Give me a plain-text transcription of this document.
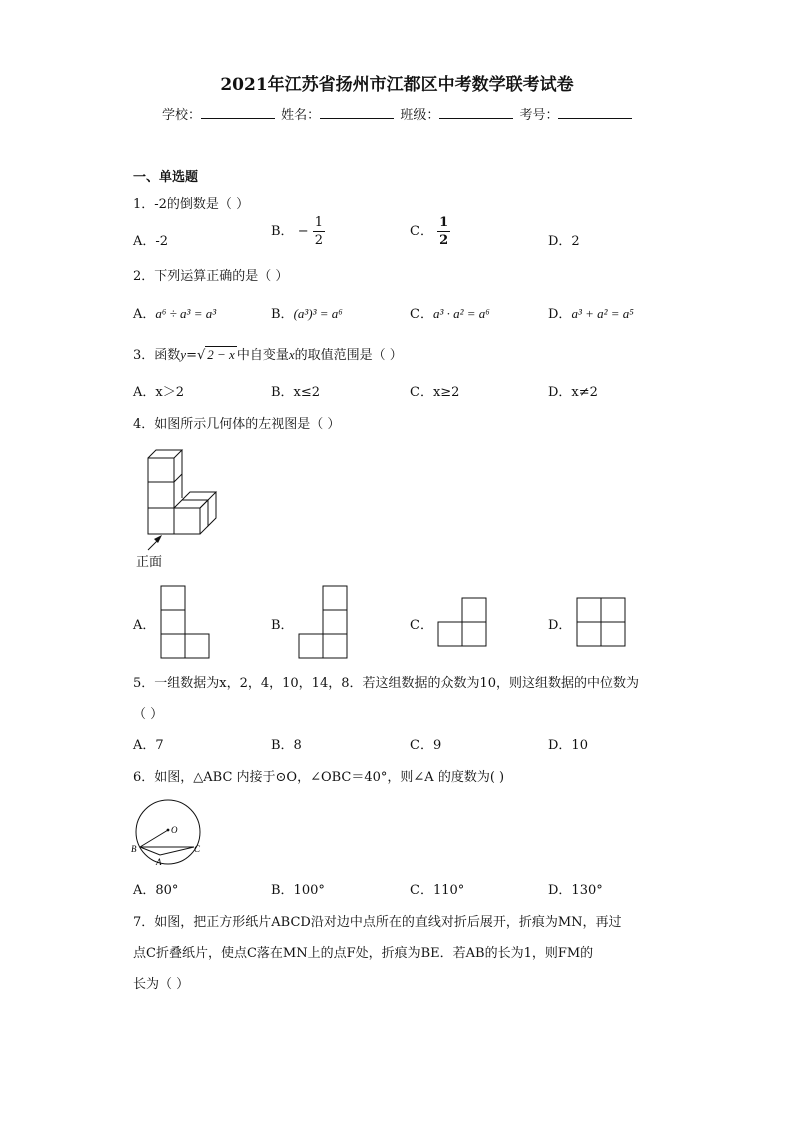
2021年江苏省扬州市江都区中考数学联考试卷
学校：	姓名：	班级：	考号：
一、单选题
1．-2的倒数是（ ）
A．-2
B． − $\frac{1}{2}$	C． $\frac{1}{2}$	D．2
2．下列运算正确的是（ ）
A．a⁶ ÷ a³ = a³	B．(a³)³ = a⁶	C．a³ · a² = a⁶	D．a³ + a² = a⁵
3．函数y=√ 2 − x 中自变量x的取值范围是（ ）
A．x＞2	B．x≤2	C．x≥2	D．x≠2
4．如图所示几何体的左视图是（ ）
正面
A．	B．	C．	D．
5．一组数据为x，2，4，10，14，8．若这组数据的众数为10，则这组数据的中位数为
（ ）
A．7	B．8	C．9	D．10
6．如图，△ABC 内接于⊙O，∠OBC＝40°，则∠A 的度数为( )
O
B	C
A
A．80°	B．100°	C．110°	D．130°
7．如图，把正方形纸片ABCD沿对边中点所在的直线对折后展开，折痕为MN，再过
点C折叠纸片，使点C落在MN上的点F处，折痕为BE．若AB的长为1，则FM的
长为（ ）
